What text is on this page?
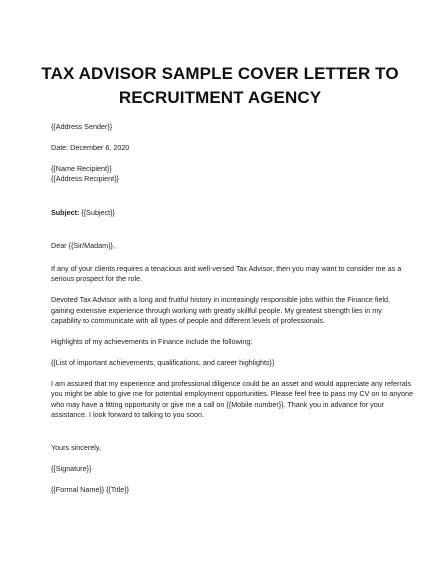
TAX ADVISOR SAMPLE COVER LETTER TO
RECRUITMENT AGENCY

{{Address Sender}}

Date: December 6, 2020

{{Name Recipient}}

{{Address Recipient}}

Subject: {{Subject}}

Dear {{Sir/Madam}},

If any of your clients requires a tenacious and well-versed Tax Advisor, then you may want to consider me as a serious prospect for the role.

Devoted Tax Advisor with a long and fruitful history in increasingly responsible jobs within the Finance field, gaining extensive experience through working with greatly skillful people. My greatest strength lies in my capability to communicate with all types of people and different levels of professionals.

Highlights of my achievements in Finance include the following:

{{List of important achievements, qualifications, and career highlights}}

I am assured that my experience and professional diligence could be an asset and would appreciate any referrals you might be able to give me for potential employment opportunities. Please feel free to pass my CV on to anyone who may have a fitting opportunity or give me a call on {{Mobile number}}. Thank you in advance for your assistance. I look forward to talking to you soon.

Yours sincerely,

{{Signature}}

{{Formal Name}} {{Title}}
